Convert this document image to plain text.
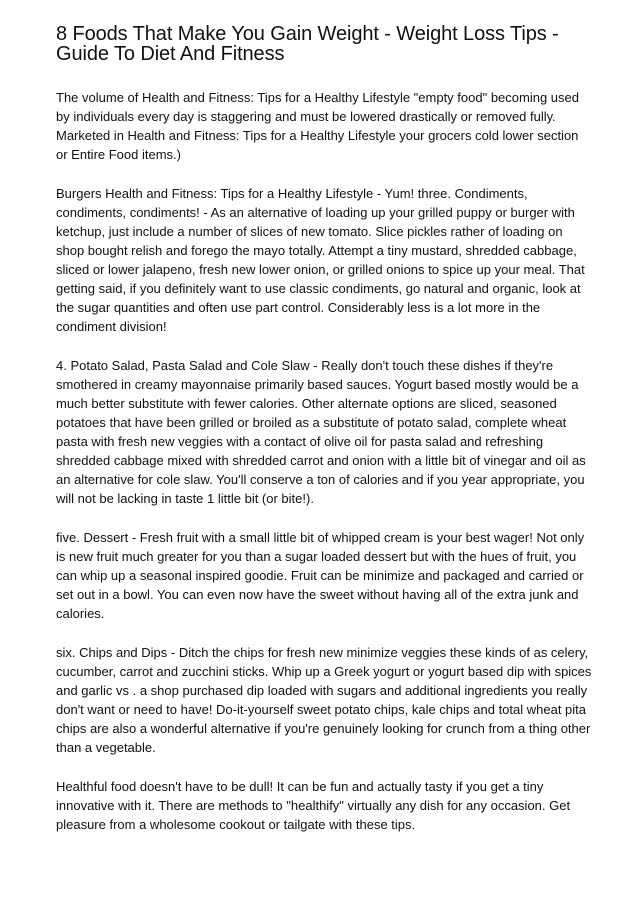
8 Foods That Make You Gain Weight - Weight Loss Tips -
Guide To Diet And Fitness
The volume of Health and Fitness: Tips for a Healthy Lifestyle "empty food" becoming used
by individuals every day is staggering and must be lowered drastically or removed fully.
Marketed in Health and Fitness: Tips for a Healthy Lifestyle your grocers cold lower section
or Entire Food items.)
Burgers Health and Fitness: Tips for a Healthy Lifestyle - Yum! three. Condiments,
condiments, condiments! - As an alternative of loading up your grilled puppy or burger with
ketchup, just include a number of slices of new tomato. Slice pickles rather of loading on
shop bought relish and forego the mayo totally. Attempt a tiny mustard, shredded cabbage,
sliced or lower jalapeno, fresh new lower onion, or grilled onions to spice up your meal. That
getting said, if you definitely want to use classic condiments, go natural and organic, look at
the sugar quantities and often use part control. Considerably less is a lot more in the
condiment division!
4. Potato Salad, Pasta Salad and Cole Slaw - Really don't touch these dishes if they're
smothered in creamy mayonnaise primarily based sauces. Yogurt based mostly would be a
much better substitute with fewer calories. Other alternate options are sliced, seasoned
potatoes that have been grilled or broiled as a substitute of potato salad, complete wheat
pasta with fresh new veggies with a contact of olive oil for pasta salad and refreshing
shredded cabbage mixed with shredded carrot and onion with a little bit of vinegar and oil as
an alternative for cole slaw. You'll conserve a ton of calories and if you year appropriate, you
will not be lacking in taste 1 little bit (or bite!).
five. Dessert - Fresh fruit with a small little bit of whipped cream is your best wager! Not only
is new fruit much greater for you than a sugar loaded dessert but with the hues of fruit, you
can whip up a seasonal inspired goodie. Fruit can be minimize and packaged and carried or
set out in a bowl. You can even now have the sweet without having all of the extra junk and
calories.
six. Chips and Dips - Ditch the chips for fresh new minimize veggies these kinds of as celery,
cucumber, carrot and zucchini sticks. Whip up a Greek yogurt or yogurt based dip with spices
and garlic vs . a shop purchased dip loaded with sugars and additional ingredients you really
don't want or need to have! Do-it-yourself sweet potato chips, kale chips and total wheat pita
chips are also a wonderful alternative if you're genuinely looking for crunch from a thing other
than a vegetable.
Healthful food doesn't have to be dull! It can be fun and actually tasty if you get a tiny
innovative with it. There are methods to "healthify" virtually any dish for any occasion. Get
pleasure from a wholesome cookout or tailgate with these tips.
